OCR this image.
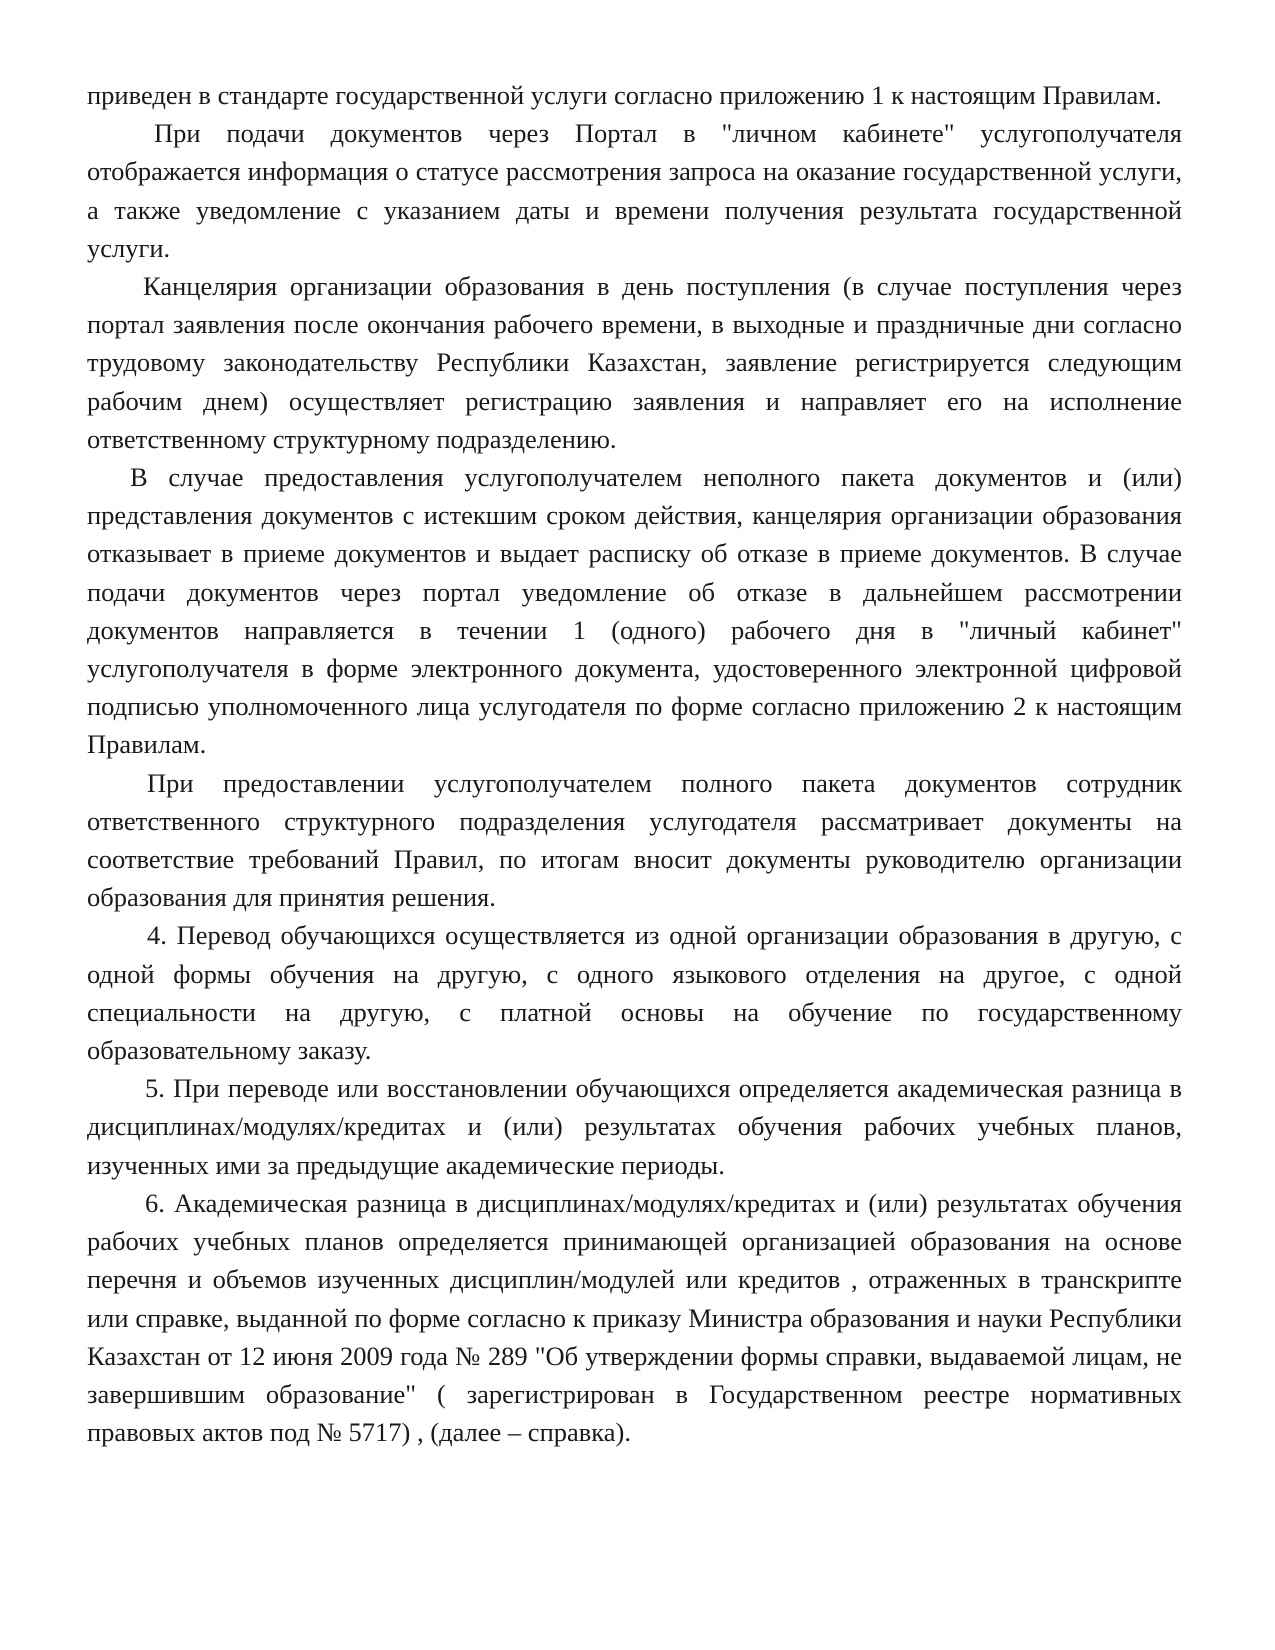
приведен в стандарте государственной услуги согласно приложению 1 к настоящим Правилам.

При подачи документов через Портал в "личном кабинете" услугополучателя отображается информация о статусе рассмотрения запроса на оказание государственной услуги, а также уведомление с указанием даты и времени получения результата государственной услуги.

Канцелярия организации образования в день поступления (в случае поступления через портал заявления после окончания рабочего времени, в выходные и праздничные дни согласно трудовому законодательству Республики Казахстан, заявление регистрируется следующим рабочим днем) осуществляет регистрацию заявления и направляет его на исполнение ответственному структурному подразделению.

В случае предоставления услугополучателем неполного пакета документов и (или) представления документов с истекшим сроком действия, канцелярия организации образования отказывает в приеме документов и выдает расписку об отказе в приеме документов. В случае подачи документов через портал уведомление об отказе в дальнейшем рассмотрении документов направляется в течении 1 (одного) рабочего дня в "личный кабинет" услугополучателя в форме электронного документа, удостоверенного электронной цифровой подписью уполномоченного лица услугодателя по форме согласно приложению 2 к настоящим Правилам.

При предоставлении услугополучателем полного пакета документов сотрудник ответственного структурного подразделения услугодателя рассматривает документы на соответствие требований Правил, по итогам вносит документы руководителю организации образования для принятия решения.

4. Перевод обучающихся осуществляется из одной организации образования в другую, с одной формы обучения на другую, с одного языкового отделения на другое, с одной специальности на другую, с платной основы на обучение по государственному образовательному заказу.

5. При переводе или восстановлении обучающихся определяется академическая разница в дисциплинах/модулях/кредитах и (или) результатах обучения рабочих учебных планов, изученных ими за предыдущие академические периоды.

6. Академическая разница в дисциплинах/модулях/кредитах и (или) результатах обучения рабочих учебных планов определяется принимающей организацией образования на основе перечня и объемов изученных дисциплин/модулей или кредитов , отраженных в транскрипте или справке, выданной по форме согласно к приказу Министра образования и науки Республики Казахстан от 12 июня 2009 года № 289 "Об утверждении формы справки, выдаваемой лицам, не завершившим образование" ( зарегистрирован в Государственном реестре нормативных правовых актов под № 5717) , (далее – справка).
